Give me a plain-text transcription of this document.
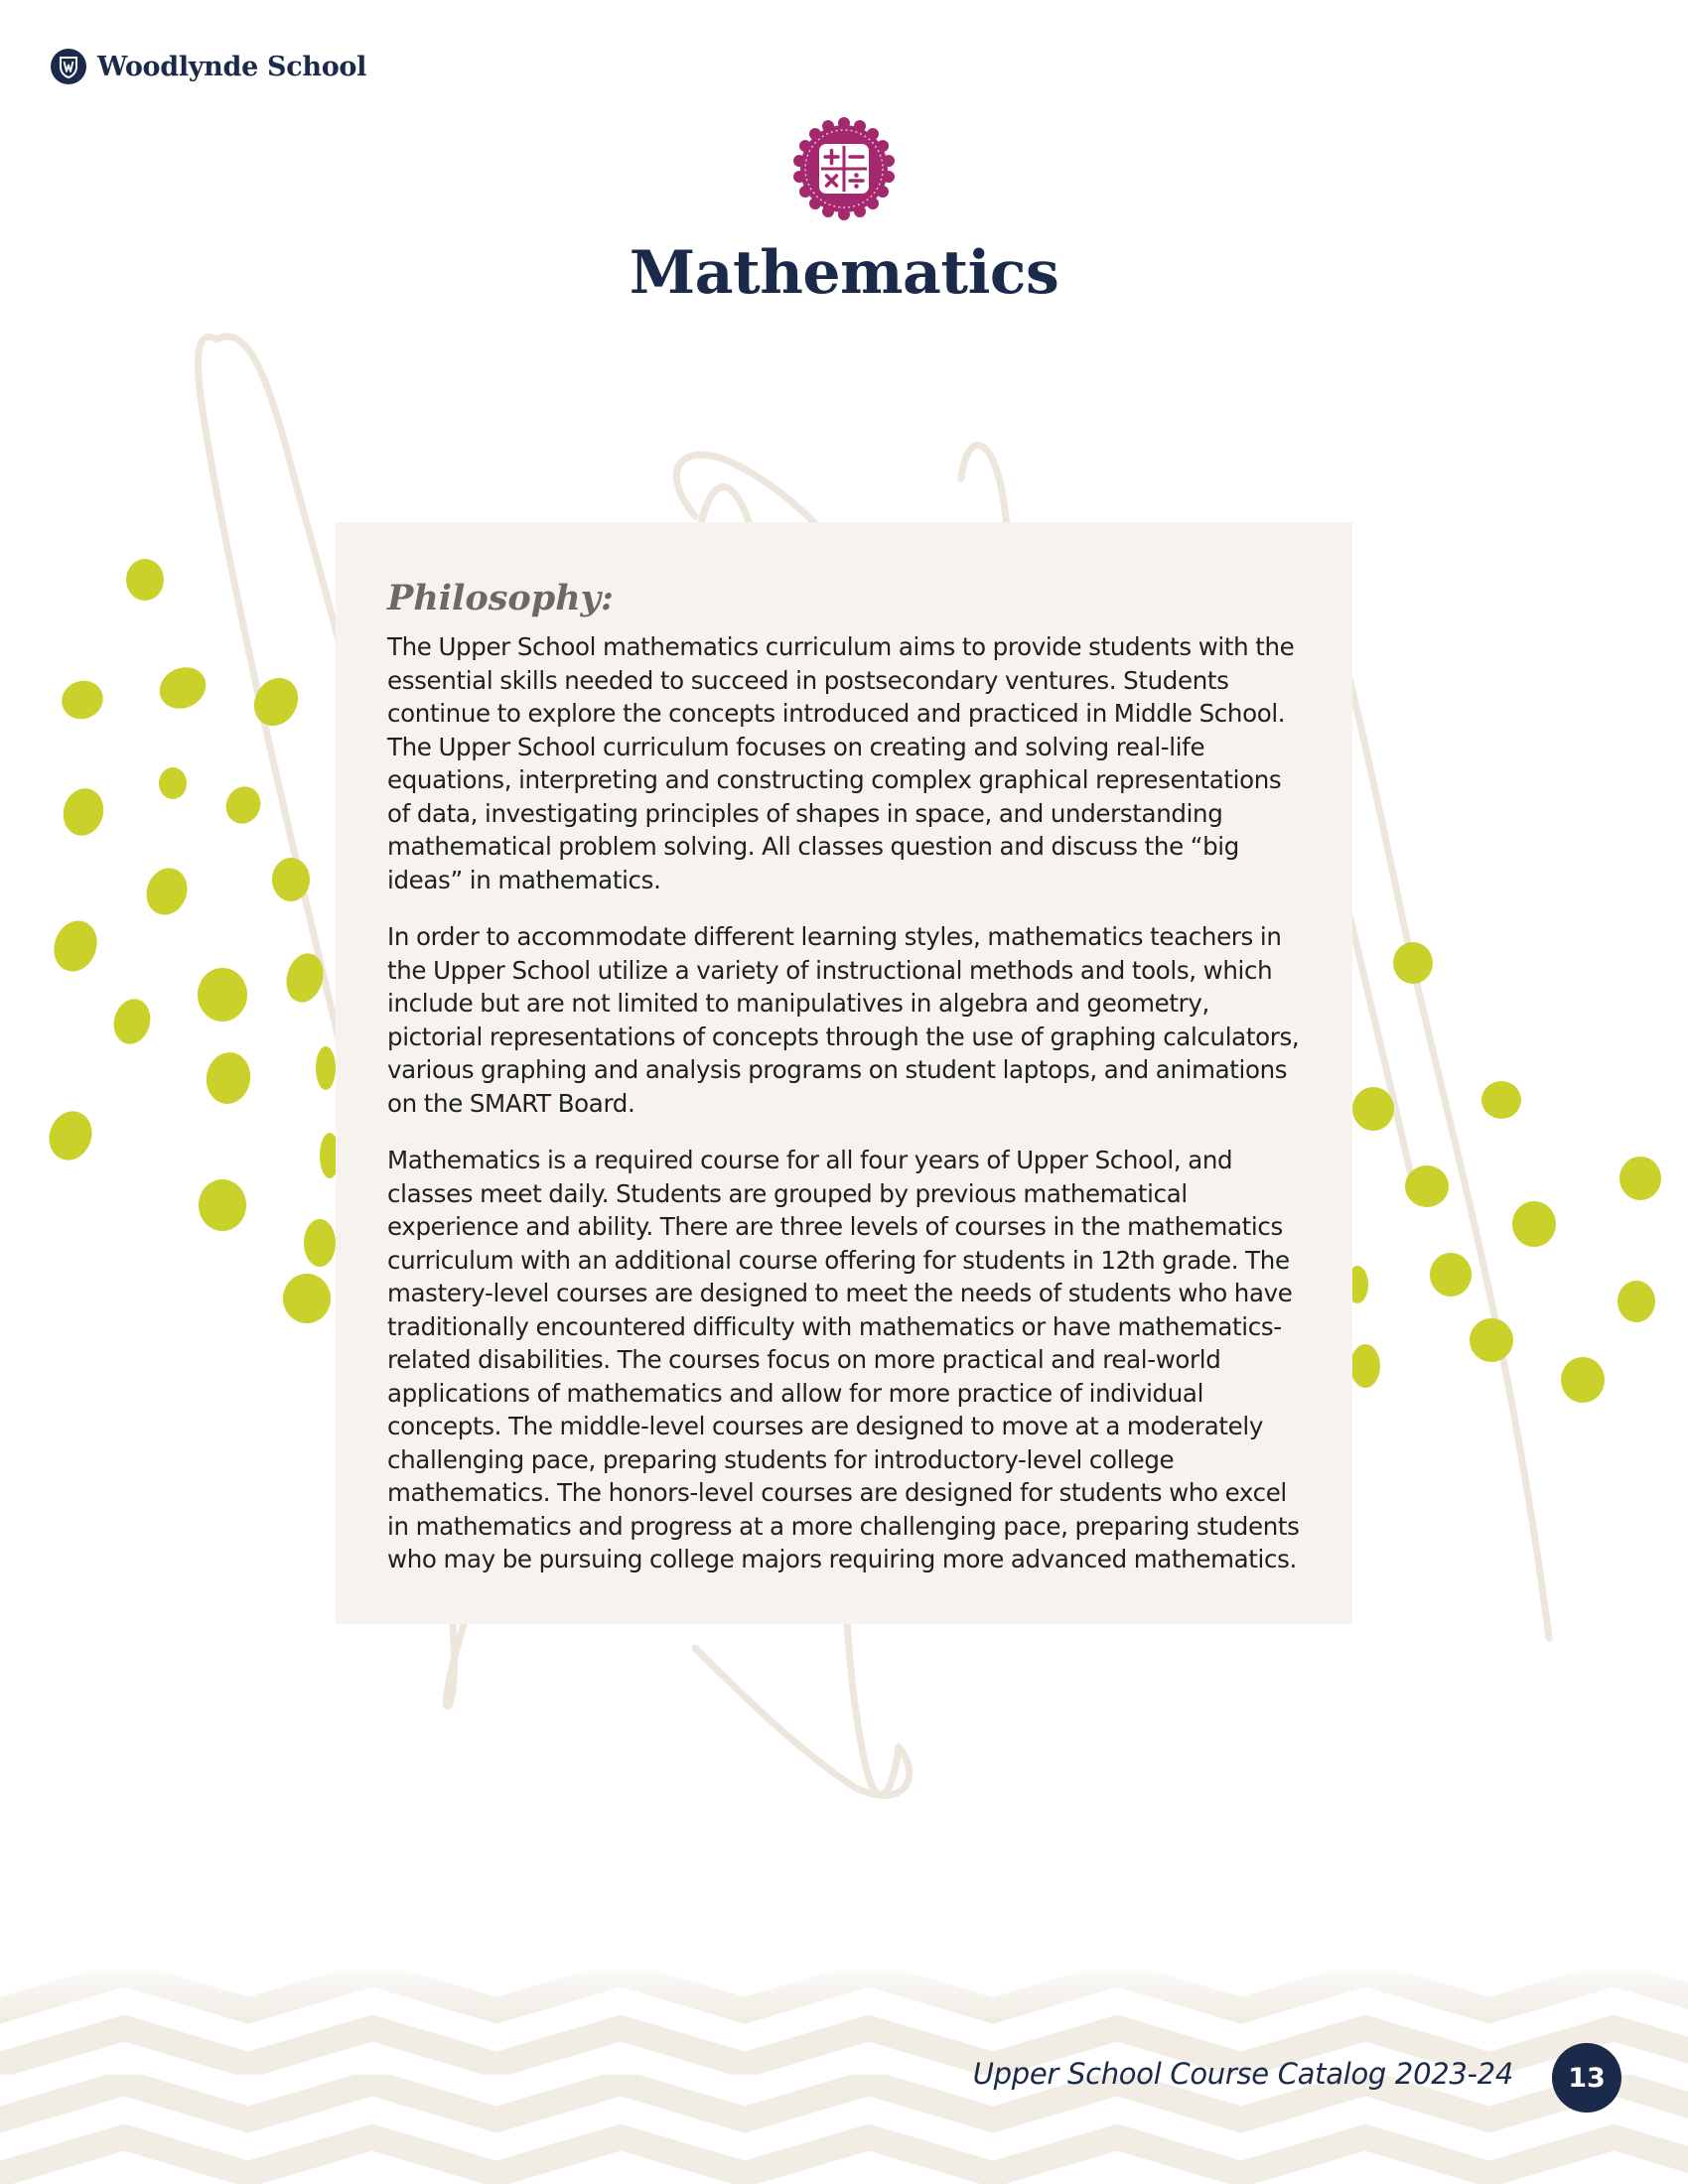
Woodlynde School
Mathematics
Philosophy:

The Upper School mathematics curriculum aims to provide students with the essential skills needed to succeed in postsecondary ventures. Students continue to explore the concepts introduced and practiced in Middle School. The Upper School curriculum focuses on creating and solving real-life equations, interpreting and constructing complex graphical representations of data, investigating principles of shapes in space, and understanding mathematical problem solving. All classes question and discuss the “big ideas” in mathematics.

In order to accommodate different learning styles, mathematics teachers in the Upper School utilize a variety of instructional methods and tools, which include but are not limited to manipulatives in algebra and geometry, pictorial representations of concepts through the use of graphing calculators, various graphing and analysis programs on student laptops, and animations on the SMART Board.

Mathematics is a required course for all four years of Upper School, and classes meet daily. Students are grouped by previous mathematical experience and ability. There are three levels of courses in the mathematics curriculum with an additional course offering for students in 12th grade. The mastery-level courses are designed to meet the needs of students who have traditionally encountered difficulty with mathematics or have mathematics-related disabilities. The courses focus on more practical and real-world applications of mathematics and allow for more practice of individual concepts. The middle-level courses are designed to move at a moderately challenging pace, preparing students for introductory-level college mathematics. The honors-level courses are designed for students who excel in mathematics and progress at a more challenging pace, preparing students who may be pursuing college majors requiring more advanced mathematics.

Upper School Course Catalog 2023-24	13
